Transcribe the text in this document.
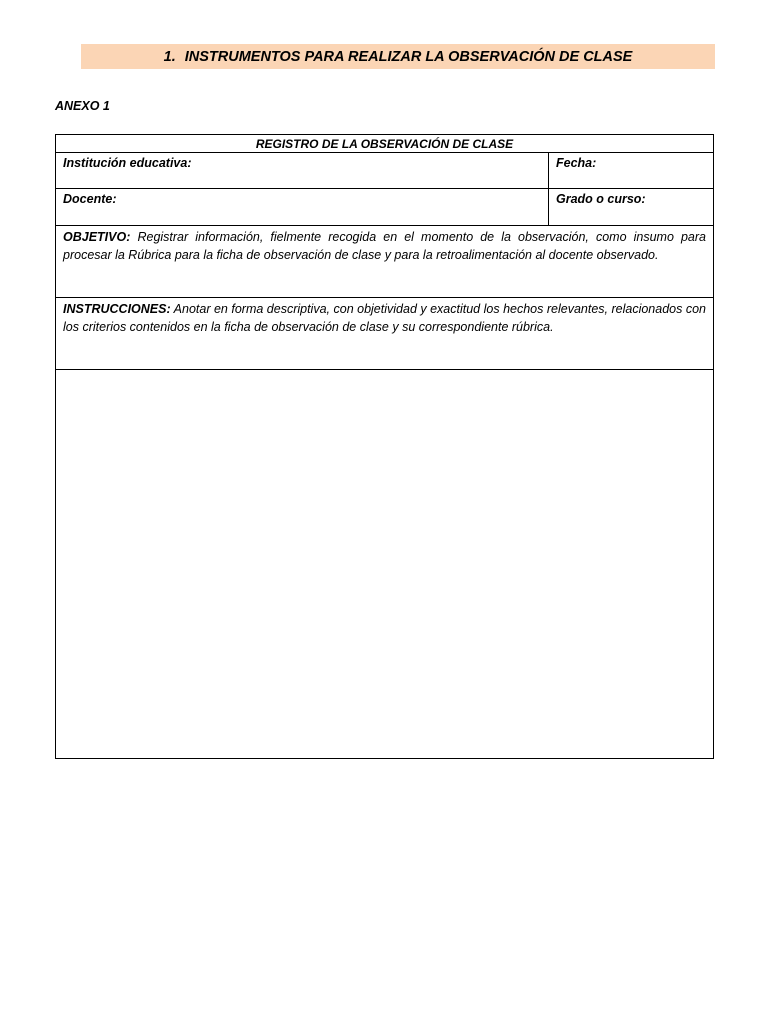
1. INSTRUMENTOS PARA REALIZAR LA OBSERVACIÓN DE CLASE
ANEXO 1
REGISTRO DE LA OBSERVACIÓN DE CLASE
Institución educativa:	Fecha:
Docente:	Grado o curso:
OBJETIVO: Registrar información, fielmente recogida en el momento de la observación, como insumo para procesar la Rúbrica para la ficha de observación de clase y para la retroalimentación al docente observado.
INSTRUCCIONES: Anotar en forma descriptiva, con objetividad y exactitud los hechos relevantes, relacionados con los criterios contenidos en la ficha de observación de clase y su correspondiente rúbrica.
